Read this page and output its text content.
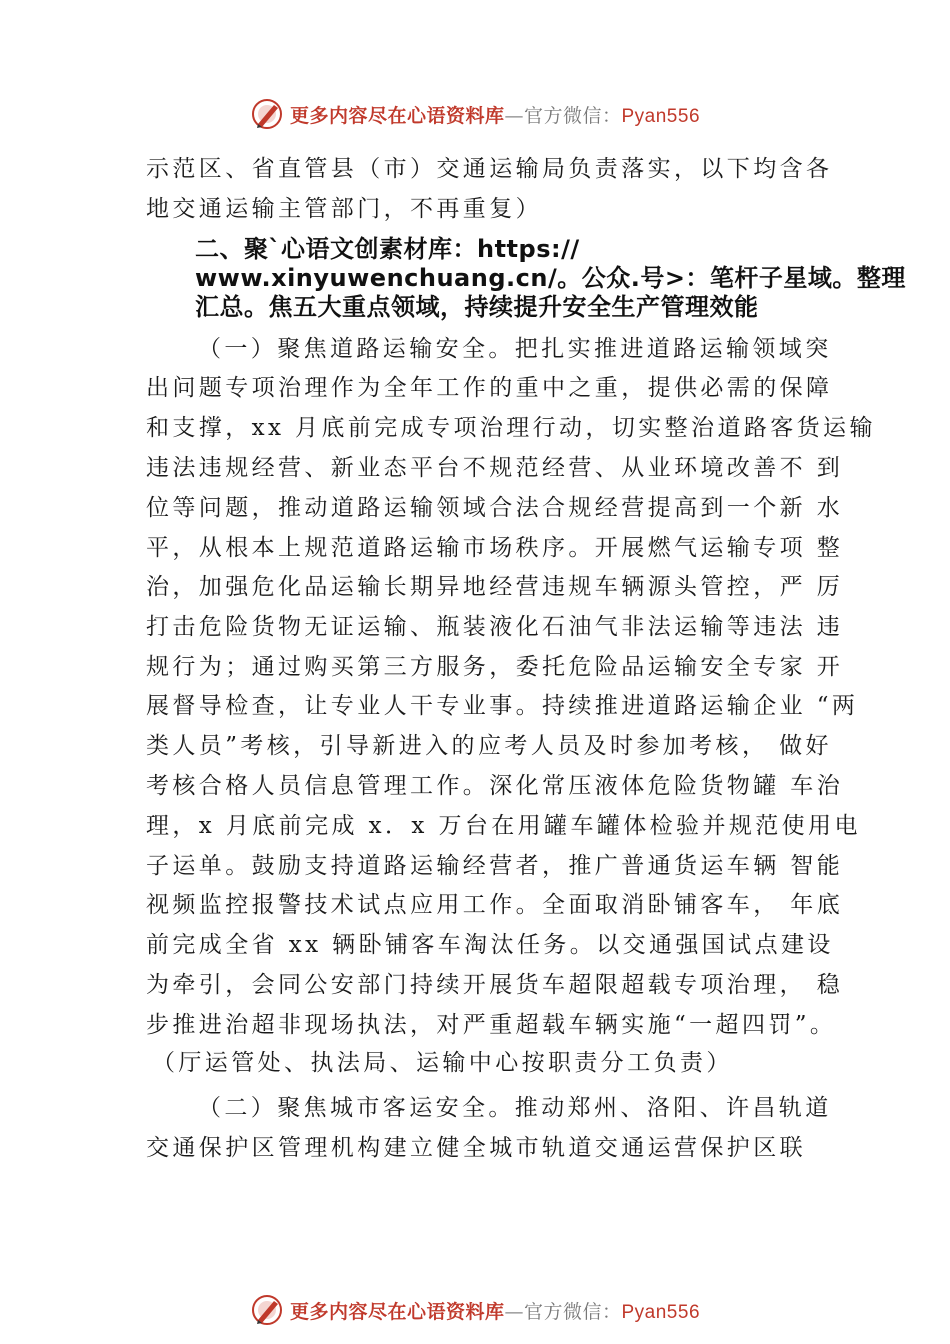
更多内容尽在心语资料库—官方微信：Pyan556
示范区、省直管县（市）交通运输局负责落实，以下均含各
地交通运输主管部门，不再重复）
二、聚`心语文创素材库：https://
www.xinyuwenchuang.cn/。公众.号>：笔杆子星域。整理
汇总。焦五大重点领域，持续提升安全生产管理效能
（一）聚焦道路运输安全。把扎实推进道路运输领域突
出问题专项治理作为全年工作的重中之重，提供必需的保障
和支撑，xx 月底前完成专项治理行动，切实整治道路客货运输
违法违规经营、新业态平台不规范经营、从业环境改善不 到
位等问题，推动道路运输领域合法合规经营提高到一个新 水
平，从根本上规范道路运输市场秩序。开展燃气运输专项 整
治，加强危化品运输长期异地经营违规车辆源头管控，严 厉
打击危险货物无证运输、瓶装液化石油气非法运输等违法 违
规行为；通过购买第三方服务，委托危险品运输安全专家 开
展督导检查，让专业人干专业事。持续推进道路运输企业 “两
类人员”考核，引导新进入的应考人员及时参加考核， 做好
考核合格人员信息管理工作。深化常压液体危险货物罐 车治
理，x 月底前完成 x．x 万台在用罐车罐体检验并规范使用电
子运单。鼓励支持道路运输经营者，推广普通货运车辆 智能
视频监控报警技术试点应用工作。全面取消卧铺客车， 年底
前完成全省 xx 辆卧铺客车淘汰任务。以交通强国试点建设
为牵引，会同公安部门持续开展货车超限超载专项治理， 稳
步推进治超非现场执法，对严重超载车辆实施“一超四罚”。
（厅运管处、执法局、运输中心按职责分工负责）
（二）聚焦城市客运安全。推动郑州、洛阳、许昌轨道
交通保护区管理机构建立健全城市轨道交通运营保护区联
更多内容尽在心语资料库—官方微信：Pyan556
